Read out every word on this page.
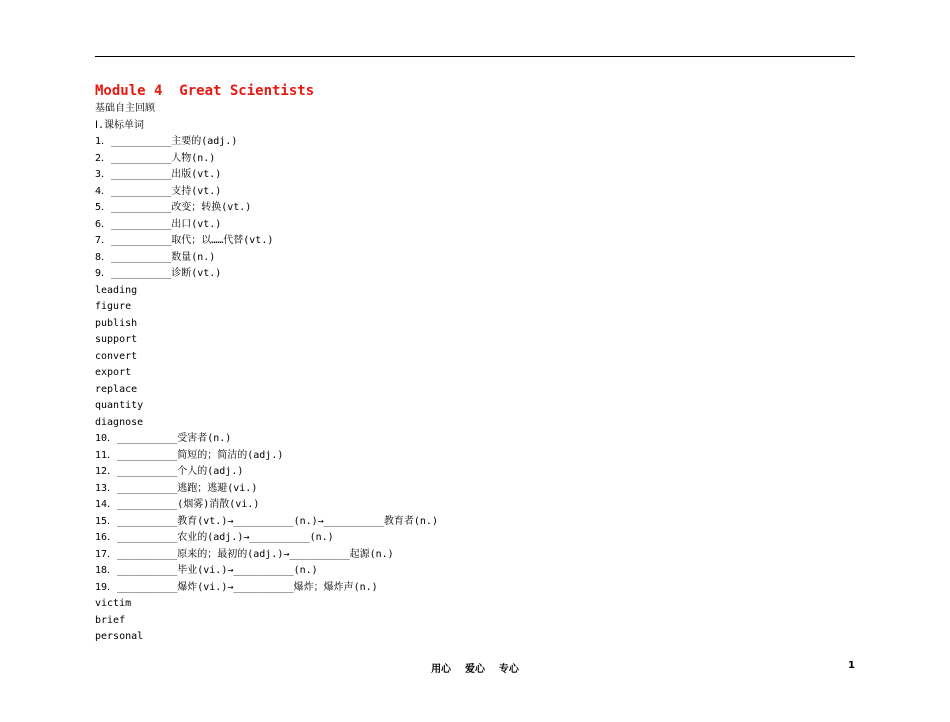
Module 4  Great Scientists
基础自主回顾
Ⅰ.课标单词
1．__________主要的(adj.)
2．__________人物(n.)
3．__________出版(vt.)
4．__________支持(vt.)
5．__________改变；转换(vt.)
6．__________出口(vt.)
7．__________取代；以……代替(vt.)
8．__________数量(n.)
9．__________诊断(vt.)
leading
figure
publish
support
convert
export
replace
quantity
diagnose
10．__________受害者(n.)
11．__________简短的；简洁的(adj.)
12．__________个人的(adj.)
13．__________逃跑；逃避(vi.)
14．__________(烟雾)消散(vi.)
15．__________教育(vt.)→__________(n.)→__________教育者(n.)
16．__________农业的(adj.)→__________(n.)
17．__________原来的；最初的(adj.)→__________起源(n.)
18．__________毕业(vi.)→__________(n.)
19．__________爆炸(vi.)→__________爆炸；爆炸声(n.)
victim
brief
personal
用心    爱心    专心	1
